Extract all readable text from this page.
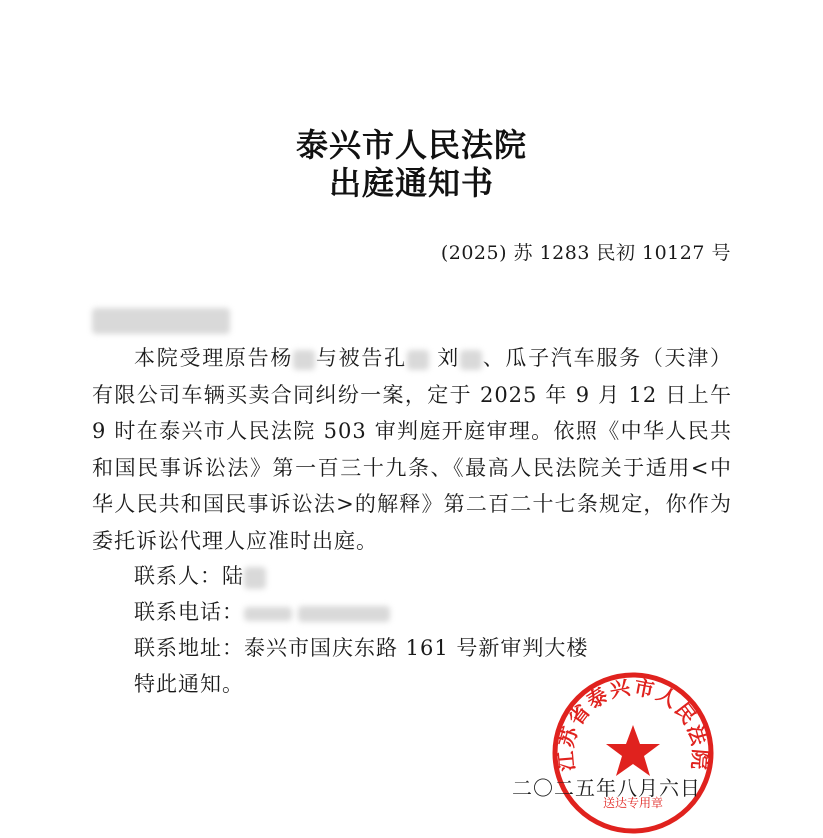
泰兴市人民法院
出庭通知书
(2025) 苏 1283 民初 10127 号

本院受理原告杨 与被告孔 刘 、瓜子汽车服务（天津）有限公司车辆买卖合同纠纷一案，定于 2025 年 9 月 12 日上午 9 时在泰兴市人民法院 503 审判庭开庭审理。依照《中华人民共和国民事诉讼法》第一百三十九条、《最高人民法院关于适用<中华人民共和国民事诉讼法>的解释》第二百二十七条规定，你作为委托诉讼代理人应准时出庭。

联系人：陆
联系电话：
联系地址：泰兴市国庆东路 161 号新审判大楼
特此通知。
江苏省泰兴市人民法院
送达专用章
二〇二五年八月六日
